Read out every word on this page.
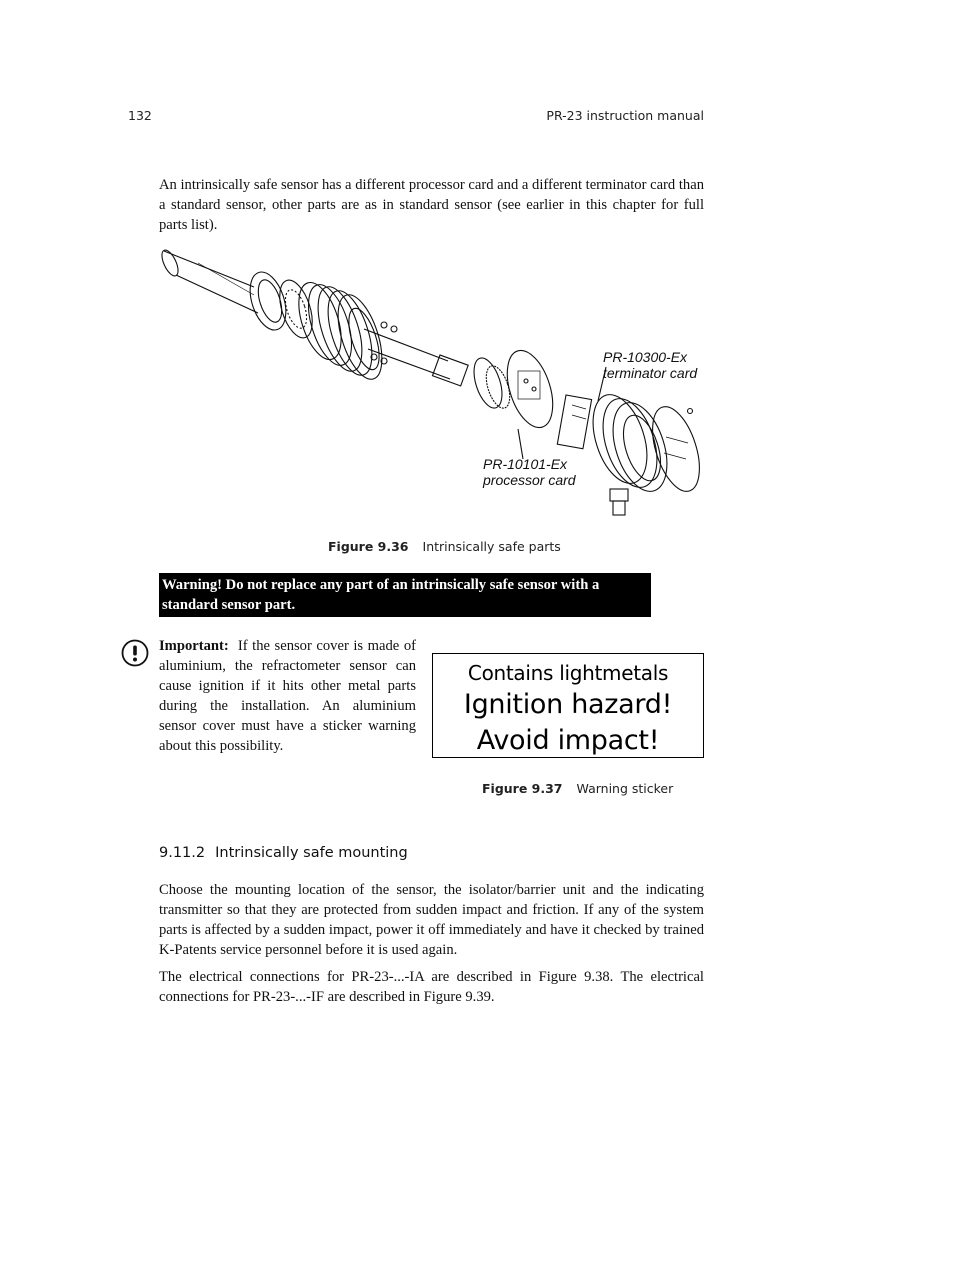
132	PR-23 instruction manual
An intrinsically safe sensor has a different processor card and a different terminator card than a standard sensor, other parts are as in standard sensor (see earlier in this chapter for full parts list).
PR-10300-Ex
terminator card
PR-10101-Ex
processor card
Figure 9.36 Intrinsically safe parts
Warning! Do not replace any part of an intrinsically safe sensor with a standard sensor part.
Important: If the sensor cover is made of aluminium, the refractometer sensor can cause ignition if it hits other metal parts during the installation. An aluminium sensor cover must have a sticker warning about this possibility.
Contains lightmetals
Ignition hazard!
Avoid impact!
Figure 9.37 Warning sticker
9.11.2 Intrinsically safe mounting
Choose the mounting location of the sensor, the isolator/barrier unit and the indicating transmitter so that they are protected from sudden impact and friction. If any of the system parts is affected by a sudden impact, power it off immediately and have it checked by trained K-Patents service personnel before it is used again.
The electrical connections for PR-23-...-IA are described in Figure 9.38. The electrical connections for PR-23-...-IF are described in Figure 9.39.
